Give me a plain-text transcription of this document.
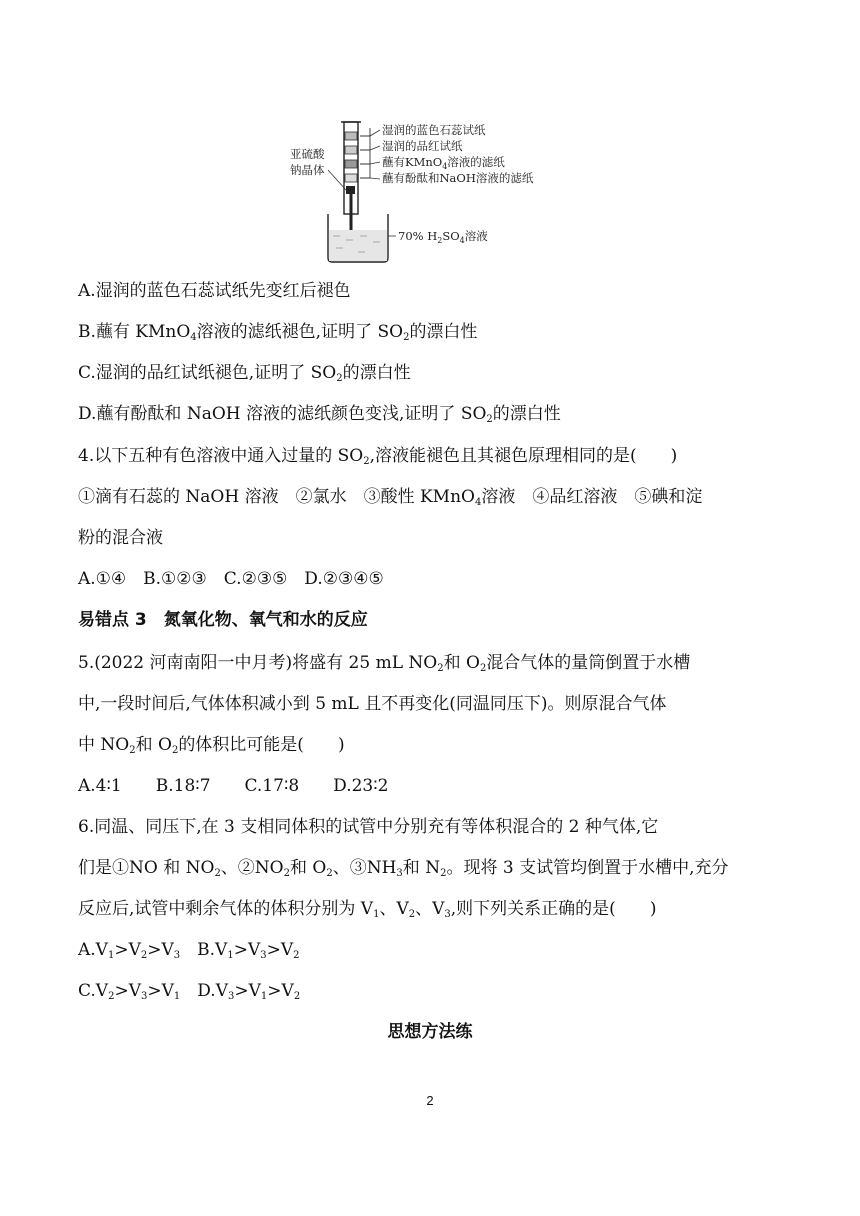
湿润的蓝色石蕊试纸
湿润的品红试纸
蘸有KMnO$_4$溶液的滤纸
蘸有酚酞和NaOH溶液的滤纸
亚硫酸
钠晶体
70% $H_2SO_4$溶液
A.湿润的蓝色石蕊试纸先变红后褪色
B.蘸有 KMnO$_4$溶液的滤纸褪色,证明了 $SO_2$的漂白性
C.湿润的品红试纸褪色,证明了 $SO_2$的漂白性
D.蘸有酚酞和 NaOH 溶液的滤纸颜色变浅,证明了 $SO_2$的漂白性
4.以下五种有色溶液中通入过量的 $SO_2$,溶液能褪色且其褪色原理相同的是(　　)
①滴有石蕊的 NaOH 溶液　②氯水　③酸性 KMnO$_4$溶液　④品红溶液　⑤碘和淀
粉的混合液
A.①④　B.①②③　C.②③⑤　D.②③④⑤
易错点 3　氮氧化物、氧气和水的反应
5.(2022 河南南阳一中月考)将盛有 25 mL $NO_2$和 $O_2$混合气体的量筒倒置于水槽
中,一段时间后,气体体积减小到 5 mL 且不再变化(同温同压下)。则原混合气体
中 $NO_2$和 $O_2$的体积比可能是(　　)
A.4∶1　　B.18∶7　　C.17∶8　　D.23∶2
6.同温、同压下,在 3 支相同体积的试管中分别充有等体积混合的 2 种气体,它
们是①NO 和 $NO_2$、$②NO_2$和 $O_2$、$③NH_3$和 $N_2$。现将 3 支试管均倒置于水槽中,充分
反应后,试管中剩余气体的体积分别为 $V_1$、$V_2$、$V_3$,则下列关系正确的是(　　)
$A.V_1>V_2>V_3$　$B.V_1>V_3>V_2$
$C.V_2>V_3>V_1$　$D.V_3>V_1>V_2$
思想方法练
2
